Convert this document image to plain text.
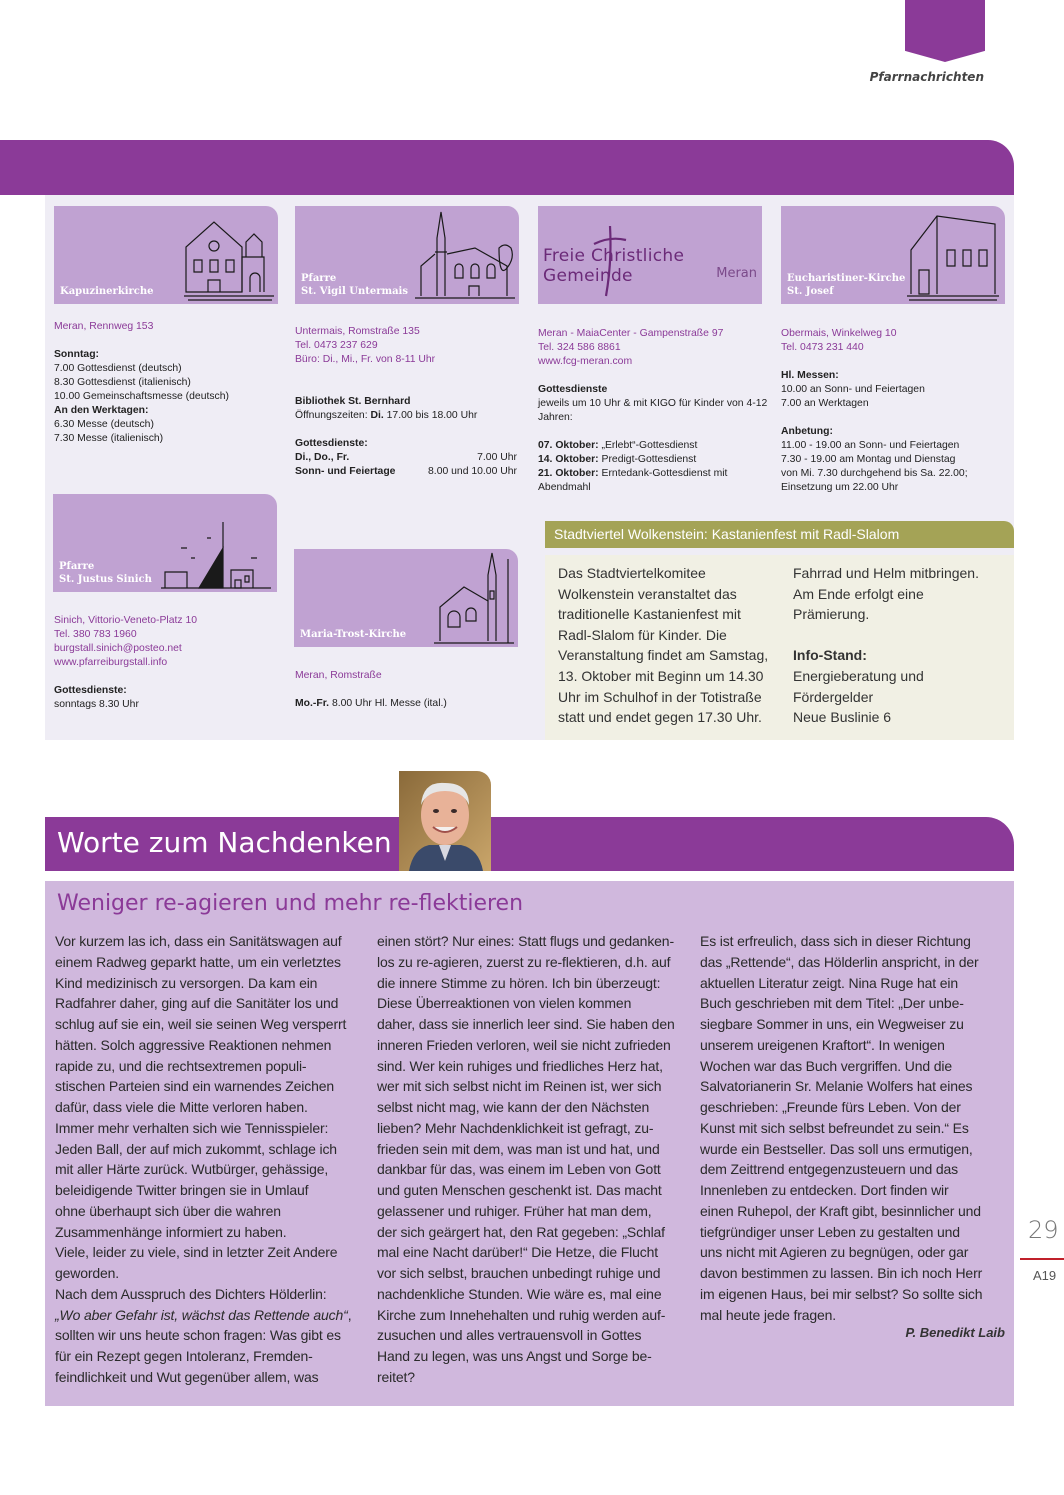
Pfarrnachrichten
Kapuzinerkirche
Meran, Rennweg 153
Sonntag:
7.00 Gottesdienst (deutsch)
8.30 Gottesdienst (italienisch)
10.00 Gemeinschaftsmesse (deutsch)
An den Werktagen:
6.30 Messe (deutsch)
7.30 Messe (italienisch)
Pfarre
St. Vigil Untermais
Untermais, Romstraße 135
Tel. 0473 237 629
Büro: Di., Mi., Fr. von 8-11 Uhr
Bibliothek St. Bernhard
Öffnungszeiten: Di. 17.00 bis 18.00 Uhr
Gottesdienste:
Di., Do., Fr.	7.00 Uhr
Sonn- und Feiertage	8.00 und 10.00 Uhr
Freie Christliche Gemeinde	Meran
Meran - MaiaCenter - Gampenstraße 97
Tel. 324 586 8861
www.fcg-meran.com
Gottesdienste
jeweils um 10 Uhr & mit KIGO für Kinder von 4-12 Jahren:
07. Oktober: „Erlebt“-Gottesdienst
14. Oktober: Predigt-Gottesdienst
21. Oktober: Erntedank-Gottesdienst mit Abendmahl
Eucharistiner-Kirche
St. Josef
Obermais, Winkelweg 10
Tel. 0473 231 440
Hl. Messen:
10.00 an Sonn- und Feiertagen
7.00 an Werktagen
Anbetung:
11.00 - 19.00 an Sonn- und Feiertagen
7.30 - 19.00 am Montag und Dienstag
von Mi. 7.30 durchgehend bis Sa. 22.00;
Einsetzung um 22.00 Uhr
Pfarre
St. Justus Sinich
Sinich, Vittorio-Veneto-Platz 10
Tel. 380 783 1960
burgstall.sinich@posteo.net
www.pfarreiburgstall.info
Gottesdienste:
sonntags 8.30 Uhr
Maria-Trost-Kirche
Meran, Romstraße
Mo.-Fr. 8.00 Uhr Hl. Messe (ital.)
Stadtviertel Wolkenstein: Kastanienfest mit Radl-Slalom
Das Stadtviertelkomitee
Wolkenstein veranstaltet das
traditionelle Kastanienfest mit
Radl-Slalom für Kinder. Die
Veranstaltung findet am Samstag,
13. Oktober mit Beginn um 14.30
Uhr im Schulhof in der Totistraße
statt und endet gegen 17.30 Uhr.
Fahrrad und Helm mitbringen.
Am Ende erfolgt eine
Prämierung.
Info-Stand:
Energieberatung und
Fördergelder
Neue Buslinie 6
Worte zum Nachdenken
Weniger re-agieren und mehr re-flektieren
Vor kurzem las ich, dass ein Sanitätswagen auf
einem Radweg geparkt hatte, um ein verletztes
Kind medizinisch zu versorgen. Da kam ein
Radfahrer daher, ging auf die Sanitäter los und
schlug auf sie ein, weil sie seinen Weg versperrt
hätten. Solch aggressive Reaktionen nehmen
rapide zu, und die rechtsextremen populi-
stischen Parteien sind ein warnendes Zeichen
dafür, dass viele die Mitte verloren haben.
Immer mehr verhalten sich wie Tennisspieler:
Jeden Ball, der auf mich zukommt, schlage ich
mit aller Härte zurück. Wutbürger, gehässige,
beleidigende Twitter bringen sie in Umlauf
ohne überhaupt sich über die wahren
Zusammenhänge informiert zu haben.
Viele, leider zu viele, sind in letzter Zeit Andere
geworden.
Nach dem Ausspruch des Dichters Hölderlin:
„Wo aber Gefahr ist, wächst das Rettende auch“,
sollten wir uns heute schon fragen: Was gibt es
für ein Rezept gegen Intoleranz, Fremden-
feindlichkeit und Wut gegenüber allem, was
einen stört? Nur eines: Statt flugs und gedanken-
los zu re-agieren, zuerst zu re-flektieren, d.h. auf
die innere Stimme zu hören. Ich bin überzeugt:
Diese Überreaktionen von vielen kommen
daher, dass sie innerlich leer sind. Sie haben den
inneren Frieden verloren, weil sie nicht zufrieden
sind. Wer kein ruhiges und friedliches Herz hat,
wer mit sich selbst nicht im Reinen ist, wer sich
selbst nicht mag, wie kann der den Nächsten
lieben? Mehr Nachdenklichkeit ist gefragt, zu-
frieden sein mit dem, was man ist und hat, und
dankbar für das, was einem im Leben von Gott
und guten Menschen geschenkt ist. Das macht
gelassener und ruhiger. Früher hat man dem,
der sich geärgert hat, den Rat gegeben: „Schlaf
mal eine Nacht darüber!“ Die Hetze, die Flucht
vor sich selbst, brauchen unbedingt ruhige und
nachdenkliche Stunden. Wie wäre es, mal eine
Kirche zum Innehehalten und ruhig werden auf-
zusuchen und alles vertrauensvoll in Gottes
Hand zu legen, was uns Angst und Sorge be-
reitet?
Es ist erfreulich, dass sich in dieser Richtung
das „Rettende“, das Hölderlin anspricht, in der
aktuellen Literatur zeigt. Nina Ruge hat ein
Buch geschrieben mit dem Titel: „Der unbe-
siegbare Sommer in uns, ein Wegweiser zu
unserem ureigenen Kraftort“. In wenigen
Wochen war das Buch vergriffen. Und die
Salvatorianerin Sr. Melanie Wolfers hat eines
geschrieben: „Freunde fürs Leben. Von der
Kunst mit sich selbst befreundet zu sein.“ Es
wurde ein Bestseller. Das soll uns ermutigen,
dem Zeittrend entgegenzusteuern und das
Innenleben zu entdecken. Dort finden wir
einen Ruhepol, der Kraft gibt, besinnlicher und
tiefgründiger unser Leben zu gestalten und
uns nicht mit Agieren zu begnügen, oder gar
davon bestimmen zu lassen. Bin ich noch Herr
im eigenen Haus, bei mir selbst? So sollte sich
mal heute jede fragen.
P. Benedikt Laib
29
A19
